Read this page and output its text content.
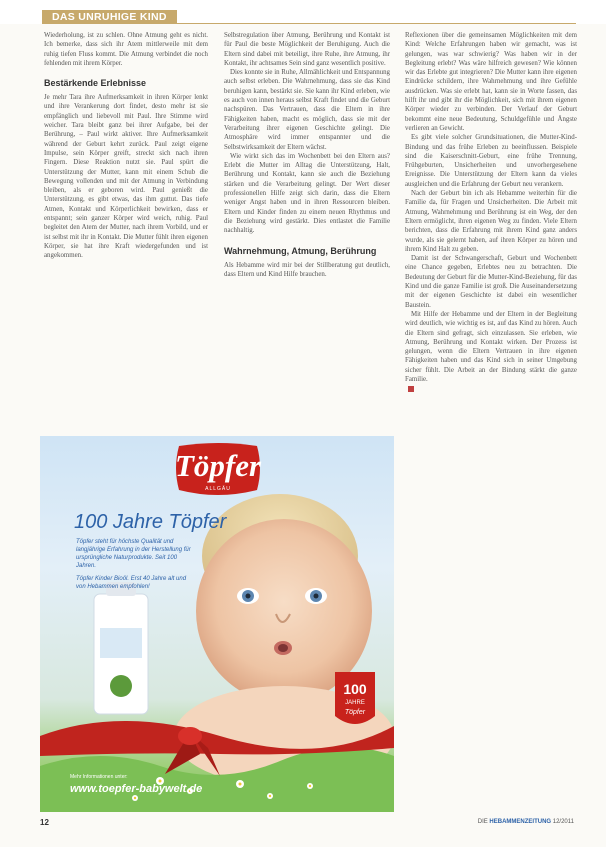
DAS UNRUHIGE KIND

Wiederholung, ist zu schlen. Ohne Atmung geht es nicht. Ich bemerke, dass sich ihr Atem mittlerweile mit dem ruhig tiefen Fluss kommt. Die Atmung verbindet die noch fehlenden mit ihrem Körper.

Bestärkende Erlebnisse

Je mehr Tara ihre Aufmerksamkeit in ihren Körper lenkt und ihre Verankerung dort findet, desto mehr ist sie empfänglich und liebevoll mit Paul. Ihre Stimme wird weicher. Tara bleibt ganz bei ihrer Aufgabe, bei der Berührung, – Paul wirkt aktiver. Ihre Aufmerksamkeit während der Geburt kehrt zurück. Paul zeigt eigene Impulse, sein Körper greift, streckt sich nach ihren Fingern. Diese Reaktion nutzt sie. Paul spürt die Unterstützung der Mutter, kann mit einem Schub die Bewegung vollenden und mit der Atmung in Verbindung bleiben, als er geboren wird. Paul genießt die Unterstützung, es gibt etwas, das ihm guttut. Das tiefe Atmen, Kontakt und Körperlichkeit bewirken, dass er entspannt; sein ganzer Körper wird weich, ruhig. Paul begleitet den Atem der Mutter, nach ihrem Vorbild, und er ist selbst mit ihr in Kontakt. Die Mutter fühlt ihren eigenen Körper, sie hat ihre Kraft wiedergefunden und ist angekommen.

Selbstregulation über Atmung, Berührung und Kontakt ist für Paul die beste Möglichkeit der Beruhigung. Auch die Eltern sind dabei mit beteiligt, ihre Ruhe, ihre Atmung, ihr Kontakt, ihr achtsames Sein sind ganz wesentlich positive.

Dies konnte sie in Ruhe, Allmählichkeit und Entspannung auch selbst erleben. Die Wahrnehmung, dass sie das Kind beruhigen kann, bestärkt sie. Sie kann ihr Kind erleben, wie es auch von innen heraus selbst Kraft findet und die Geburt nachspüren. Das Vertrauen, dass die Eltern in ihre Fähigkeiten haben, macht es möglich, dass sie mit der Verarbeitung ihrer eigenen Geschichte gelingt. Die Atmosphäre wird immer entspannter und die Selbstwirksamkeit der Eltern wächst.

Wie wirkt sich das im Wochenbett bei den Eltern aus? Erlebt die Mutter im Alltag die Unterstützung, Halt, Berührung und Kontakt, kann sie auch die Beziehung stärken und die Verarbeitung gelingt. Der Wert dieser professionellen Hilfe zeigt sich darin, dass die Eltern weniger Angst haben und in ihren Ressourcen bleiben. Eltern und Kinder finden zu einem neuen Rhythmus und die Beziehung wird gestärkt. Dies entlastet die Familie nachhaltig.

Wahrnehmung, Atmung, Berührung

Als Hebamme wird mir bei der Stillberatung gut deutlich, dass Eltern und Kind Hilfe brauchen.

Reflexionen über die gemeinsamen Möglichkeiten mit dem Kind: Welche Erfahrungen haben wir gemacht, was ist gelungen, was war schwierig? Was haben wir in der Begleitung erlebt? Was wäre hilfreich gewesen? Wie können wir das Erlebte gut integrieren? Die Mutter kann ihre eigenen Eindrücke schildern, ihre Wahrnehmung und ihre Gefühle ausdrücken. Was sie erlebt hat, kann sie in Worte fassen, das hilft ihr und gibt ihr die Möglichkeit, sich mit ihrem eigenen Körper wieder zu verbinden. Der Verlauf der Geburt bekommt eine neue Bedeutung, Schuldgefühle und Ängste verlieren an Gewicht.

Es gibt viele solcher Grundsituationen, die Mutter-Kind-Bindung und das frühe Erleben zu beeinflussen. Beispiele sind die Kaiserschnitt-Geburt, eine frühe Trennung, Frühgeburten, Unsicherheiten und unvorhergesehene Ereignisse. Die Unterstützung der Eltern kann da vieles ausgleichen und die Erfahrung der Geburt neu verankern.

Nach der Geburt bin ich als Hebamme weiterhin für die Familie da, für Fragen und Unsicherheiten. Die Arbeit mit Atmung, Wahrnehmung und Berührung ist ein Weg, der den Eltern ermöglicht, ihren eigenen Weg zu finden. Viele Eltern berichten, dass die Erfahrung mit ihrem Kind ganz anders wurde, als sie gelernt haben, auf ihren Körper zu hören und ihrem Kind Halt zu geben.

Damit ist der Schwangerschaft, Geburt und Wochenbett eine Chance gegeben, Erlebtes neu zu betrachten. Die Bedeutung der Geburt für die Mutter-Kind-Beziehung, für das Kind und die ganze Familie ist groß. Die Auseinandersetzung mit der eigenen Geschichte ist dabei ein wesentlicher Baustein.

Mit Hilfe der Hebamme und der Eltern in der Begleitung wird deutlich, wie wichtig es ist, auf das Kind zu hören. Auch die Eltern sind gefragt, sich einzulassen. Sie erleben, wie Atmung, Berührung und Kontakt wirken. Der Prozess ist gelungen, wenn die Eltern Vertrauen in ihre eigenen Fähigkeiten haben und das Kind sich in seiner Umgebung sicher fühlt. Die Arbeit an der Bindung stärkt die ganze Familie.

Töpfer
ALLGÄU
100 Jahre Töpfer

Töpfer steht für höchste Qualität und langjährige Erfahrung in der Herstellung für ursprüngliche Naturprodukte. Seit 100 Jahren.

Töpfer Kinder Bioöl. Erst 40 Jahre alt und von Hebammen empfohlen!

100
JAHRE
Töpfer
Mehr Informationen unter:
www.toepfer-babywelt.de
12	DIE HEBAMMENZEITUNG 12/2011
